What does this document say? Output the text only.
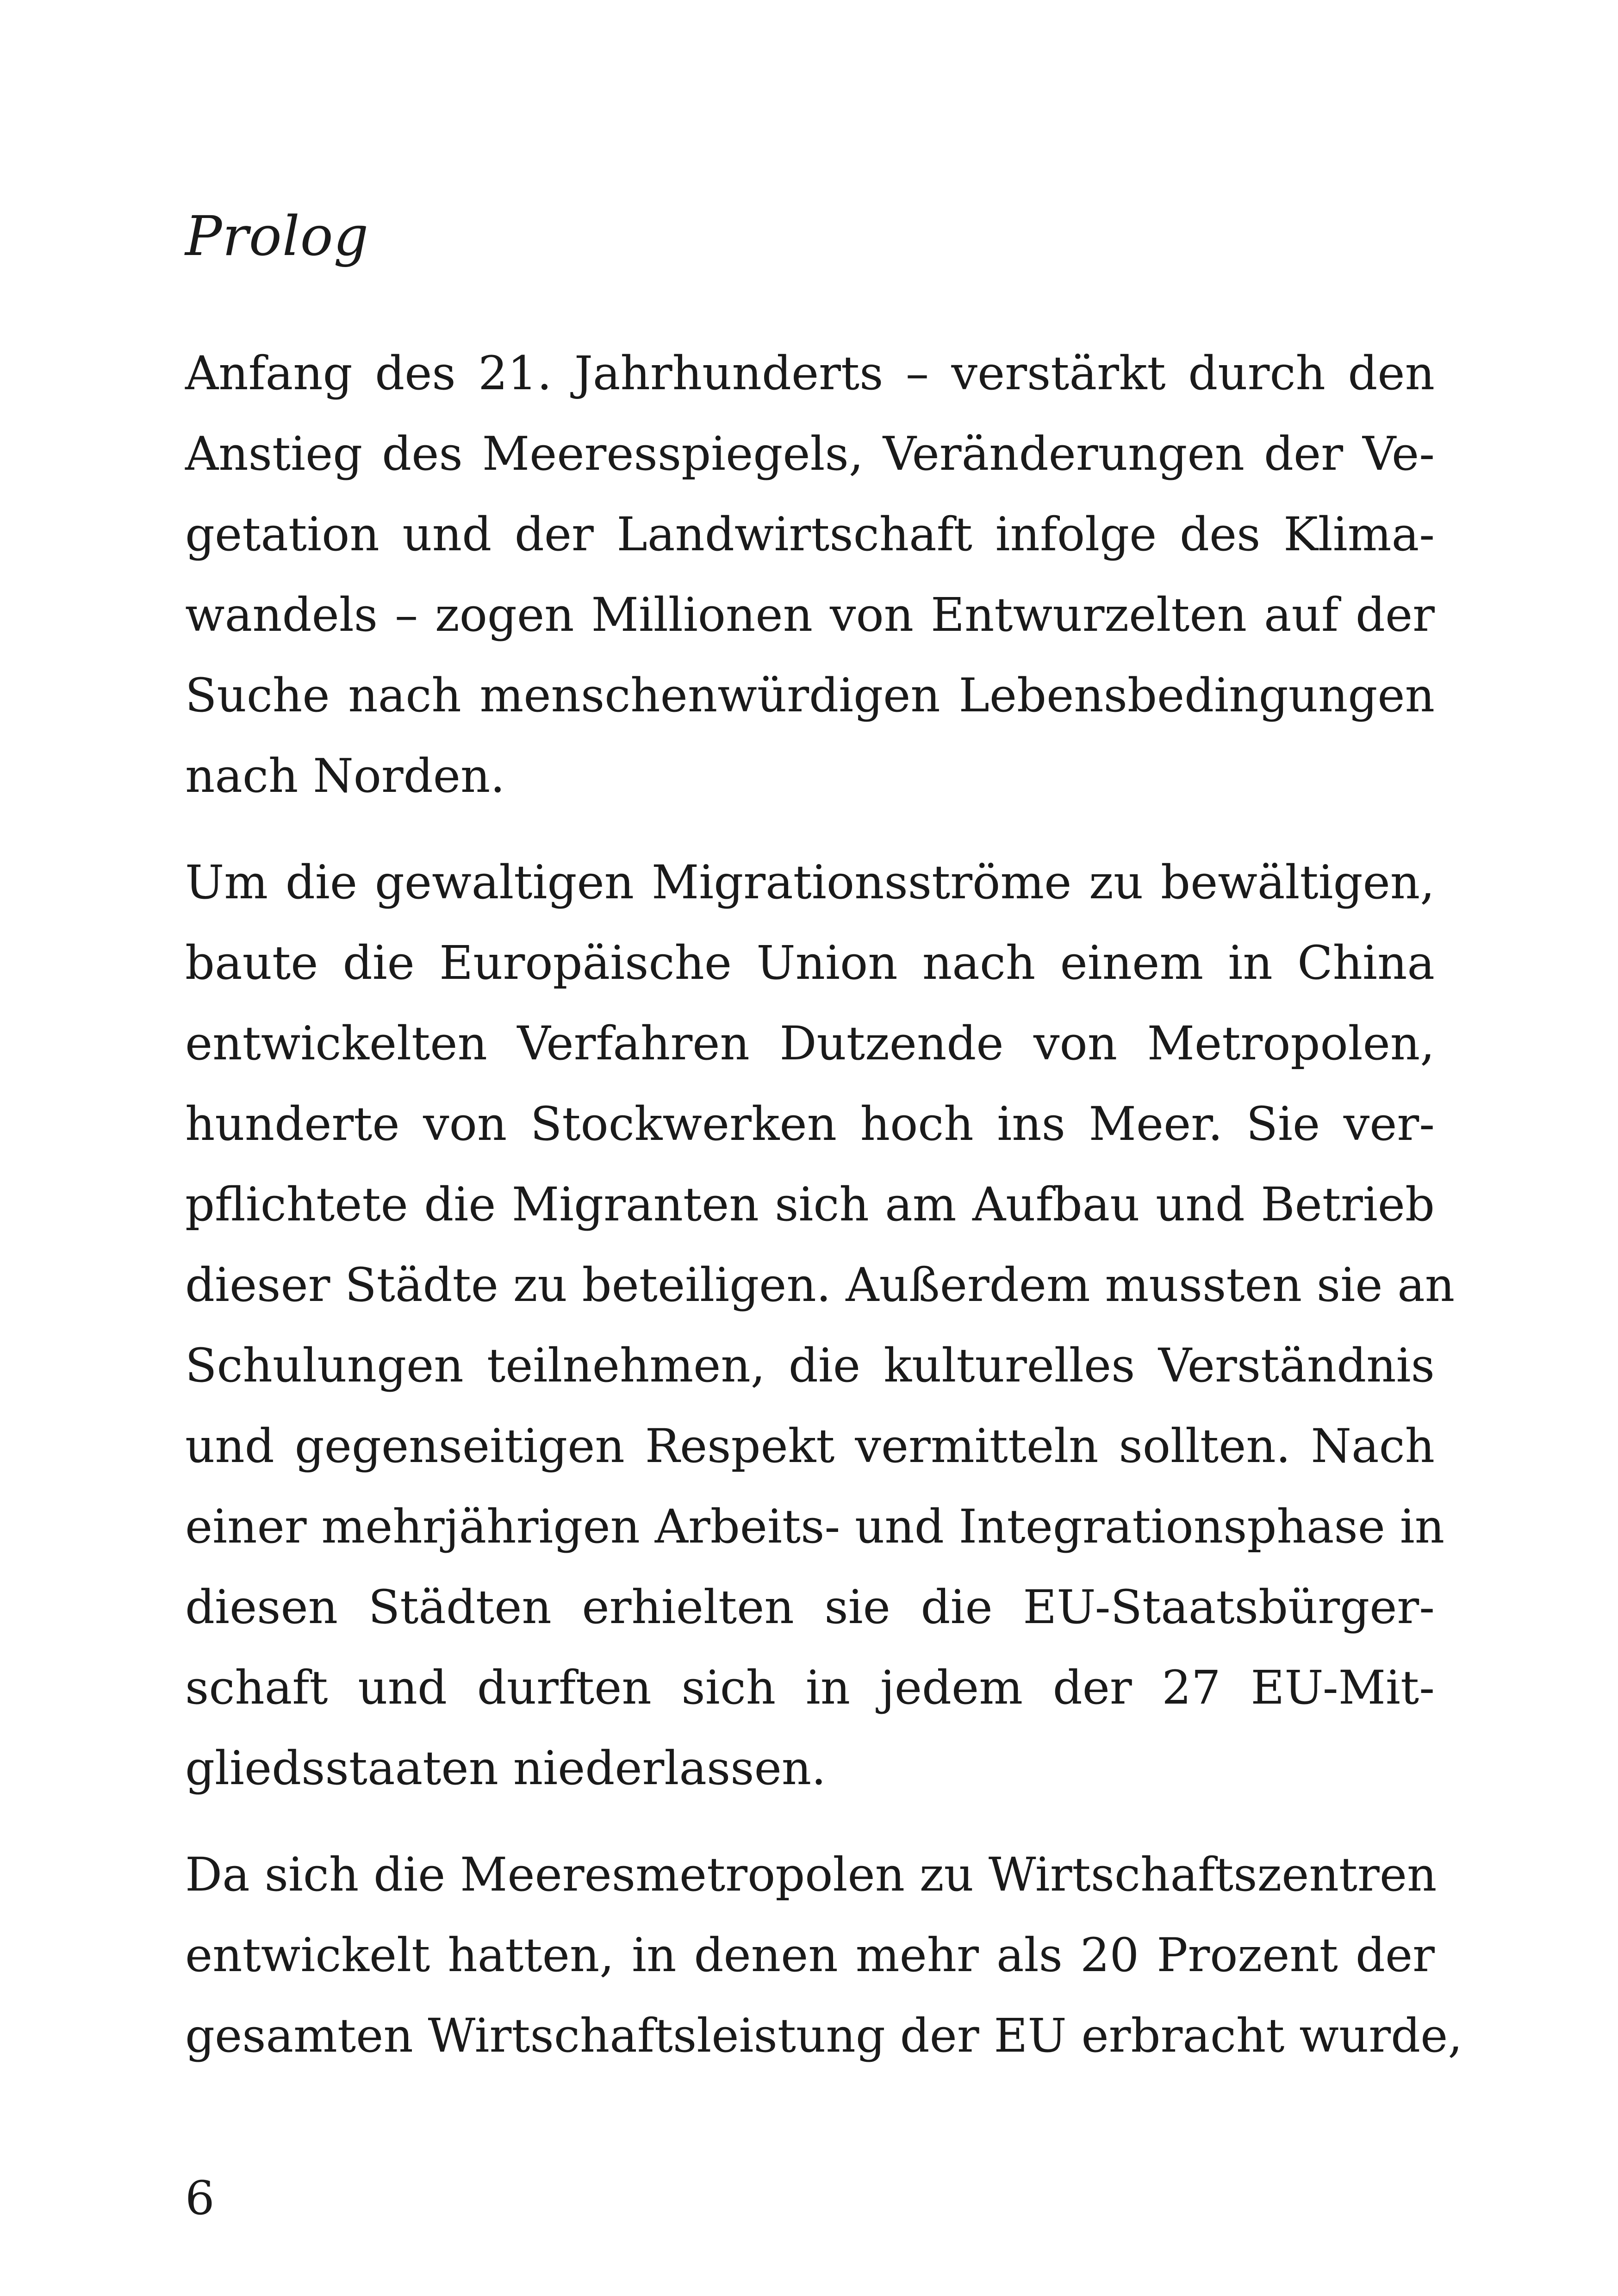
Prolog

Anfang des 21. Jahrhunderts – verstärkt durch den
Anstieg des Meeresspiegels, Veränderungen der Ve-
getation und der Landwirtschaft infolge des Klima-
wandels – zogen Millionen von Entwurzelten auf der
Suche nach menschenwürdigen Lebensbedingungen
nach Norden.

Um die gewaltigen Migrationsströme zu bewältigen,
baute die Europäische Union nach einem in China
entwickelten Verfahren Dutzende von Metropolen,
hunderte von Stockwerken hoch ins Meer. Sie ver-
pflichtete die Migranten sich am Aufbau und Betrieb
dieser Städte zu beteiligen. Außerdem mussten sie an
Schulungen teilnehmen, die kulturelles Verständnis
und gegenseitigen Respekt vermitteln sollten. Nach
einer mehrjährigen Arbeits- und Integrationsphase in
diesen Städten erhielten sie die EU-Staatsbürger-
schaft und durften sich in jedem der 27 EU-Mit-
gliedsstaaten niederlassen.

Da sich die Meeresmetropolen zu Wirtschaftszentren
entwickelt hatten, in denen mehr als 20 Prozent der
gesamten Wirtschaftsleistung der EU erbracht wurde,

6
